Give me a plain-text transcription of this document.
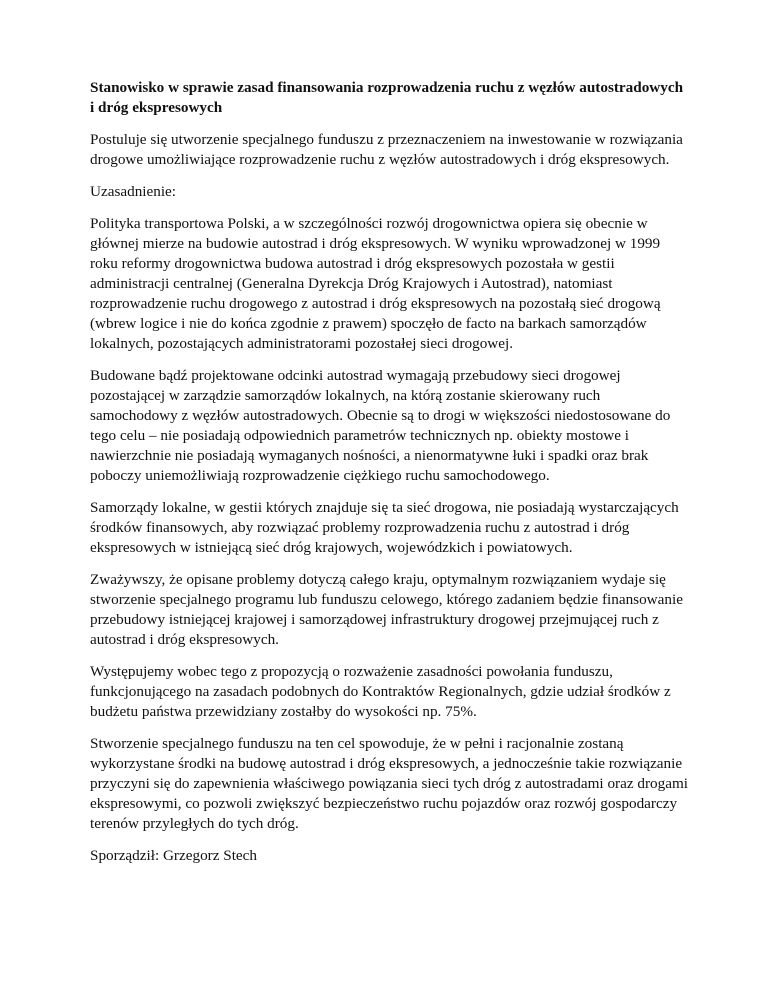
Stanowisko w sprawie zasad finansowania rozprowadzenia ruchu z węzłów autostradowych i dróg ekspresowych

Postuluje się utworzenie specjalnego funduszu z przeznaczeniem na inwestowanie w rozwiązania drogowe umożliwiające rozprowadzenie ruchu z węzłów autostradowych i dróg ekspresowych.

Uzasadnienie:

Polityka transportowa Polski, a w szczególności rozwój drogownictwa opiera się obecnie w głównej mierze na budowie autostrad i dróg ekspresowych. W wyniku wprowadzonej w 1999 roku reformy drogownictwa budowa autostrad i dróg ekspresowych pozostała w gestii administracji centralnej (Generalna Dyrekcja Dróg Krajowych i Autostrad), natomiast rozprowadzenie ruchu drogowego z autostrad i dróg ekspresowych na pozostałą sieć drogową (wbrew logice i nie do końca zgodnie z prawem) spoczęło de facto na barkach samorządów lokalnych, pozostających administratorami pozostałej sieci drogowej.

Budowane bądź projektowane odcinki autostrad wymagają przebudowy sieci drogowej pozostającej w zarządzie samorządów lokalnych, na którą zostanie skierowany ruch samochodowy z węzłów autostradowych. Obecnie są to drogi w większości niedostosowane do tego celu – nie posiadają odpowiednich parametrów technicznych np. obiekty mostowe i nawierzchnie nie posiadają wymaganych nośności, a nienormatywne łuki i spadki oraz brak poboczy uniemożliwiają rozprowadzenie ciężkiego ruchu samochodowego.

Samorządy lokalne, w gestii których znajduje się ta sieć drogowa, nie posiadają wystarczających środków finansowych, aby rozwiązać problemy rozprowadzenia ruchu z autostrad i dróg ekspresowych w istniejącą sieć dróg krajowych, wojewódzkich i powiatowych.

Zważywszy, że opisane problemy dotyczą całego kraju, optymalnym rozwiązaniem wydaje się stworzenie specjalnego programu lub funduszu celowego, którego zadaniem będzie finansowanie przebudowy istniejącej krajowej i samorządowej infrastruktury drogowej przejmującej ruch z autostrad i dróg ekspresowych.

Występujemy wobec tego z propozycją o rozważenie zasadności powołania funduszu, funkcjonującego na zasadach podobnych do Kontraktów Regionalnych, gdzie udział środków z budżetu państwa przewidziany zostałby do wysokości np. 75%.

Stworzenie specjalnego funduszu na ten cel spowoduje, że w pełni i racjonalnie zostaną wykorzystane środki na budowę autostrad i dróg ekspresowych, a jednocześnie takie rozwiązanie przyczyni się do zapewnienia właściwego powiązania sieci tych dróg z autostradami oraz drogami ekspresowymi, co pozwoli zwiększyć bezpieczeństwo ruchu pojazdów oraz rozwój gospodarczy terenów przyległych do tych dróg.

Sporządził: Grzegorz Stech
